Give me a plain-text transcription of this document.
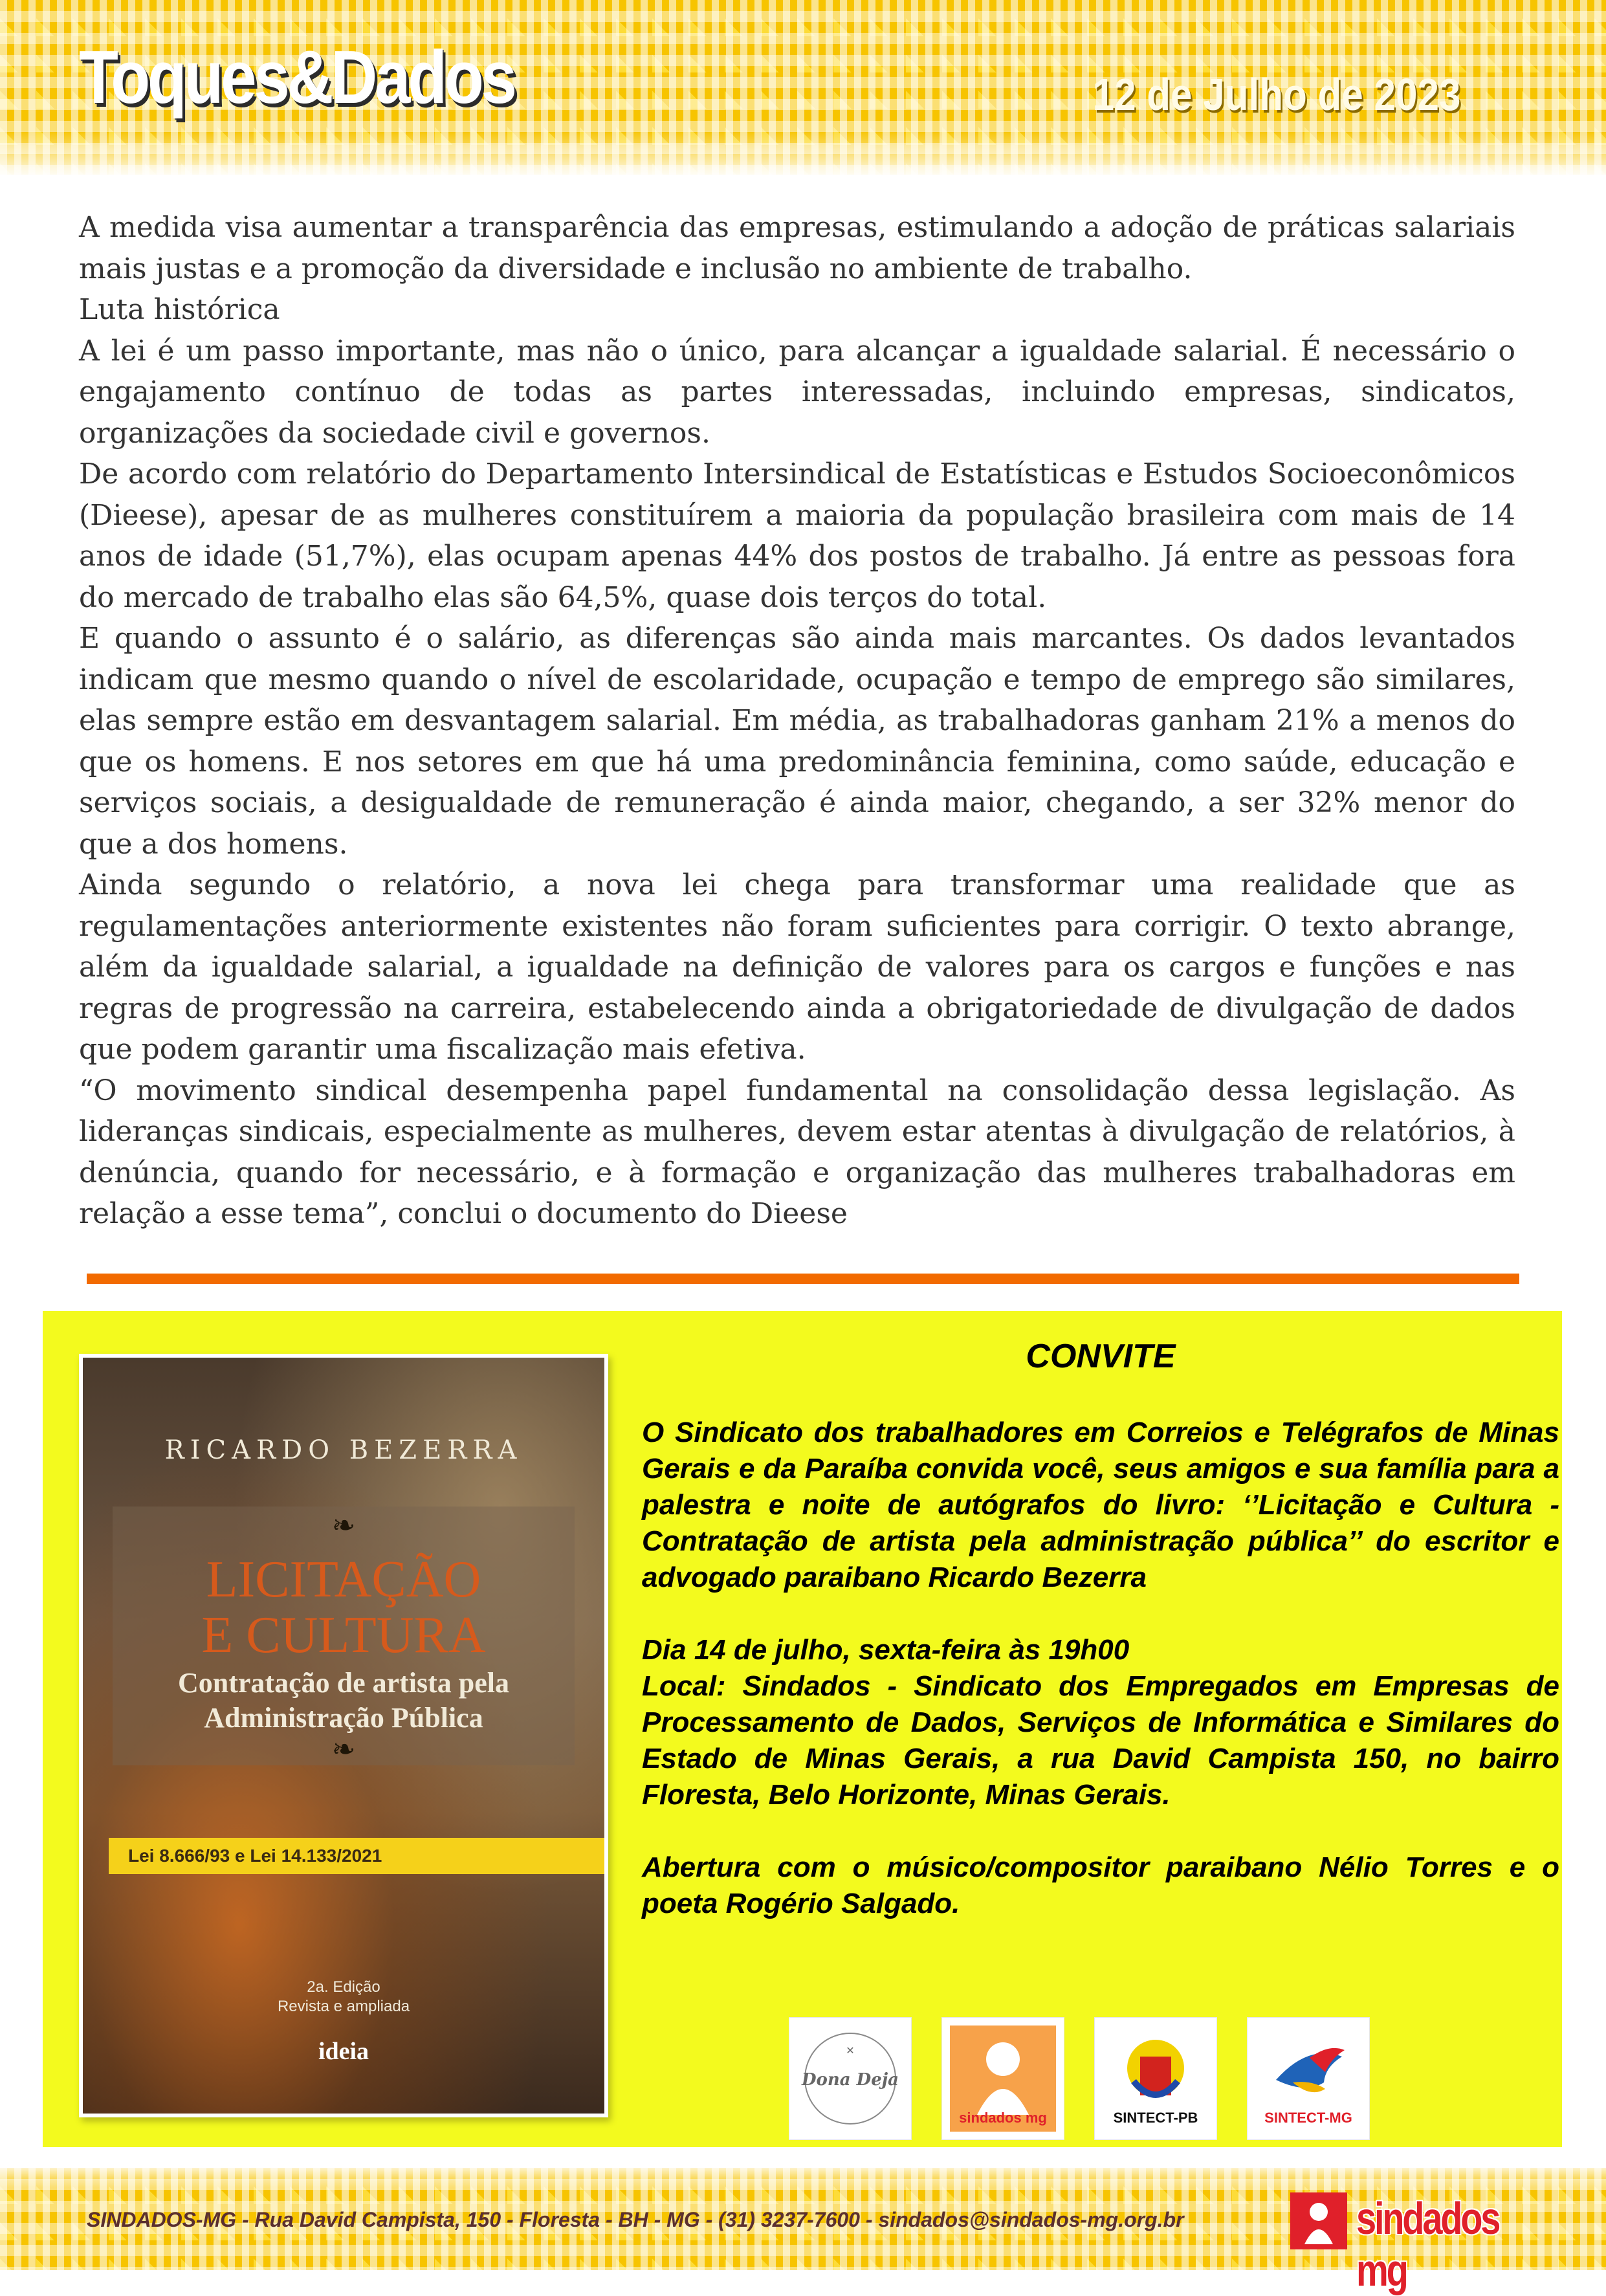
Toques&Dados	12 de Julho de 2023

A medida visa aumentar a transparência das empresas, estimulando a adoção de práticas salariais mais justas e a promoção da diversidade e inclusão no ambiente de trabalho.

Luta histórica

A lei é um passo importante, mas não o único, para alcançar a igualdade salarial. É necessário o engajamento contínuo de todas as partes interessadas, incluindo empresas, sindicatos, organizações da sociedade civil e governos.

De acordo com relatório do Departamento Intersindical de Estatísticas e Estudos Socioeconômicos (Dieese), apesar de as mulheres constituírem a maioria da população brasileira com mais de 14 anos de idade (51,7%), elas ocupam apenas 44% dos postos de trabalho. Já entre as pessoas fora do mercado de trabalho elas são 64,5%, quase dois terços do total.

E quando o assunto é o salário, as diferenças são ainda mais marcantes. Os dados levantados indicam que mesmo quando o nível de escolaridade, ocupação e tempo de emprego são similares, elas sempre estão em desvantagem salarial. Em média, as trabalhadoras ganham 21% a menos do que os homens. E nos setores em que há uma predominância feminina, como saúde, educação e serviços sociais, a desigualdade de remuneração é ainda maior, chegando, a ser 32% menor do que a dos homens.

Ainda segundo o relatório, a nova lei chega para transformar uma realidade que as regulamentações anteriormente existentes não foram suficientes para corrigir. O texto abrange, além da igualdade salarial, a igualdade na definição de valores para os cargos e funções e nas regras de progressão na carreira, estabelecendo ainda a obrigatoriedade de divulgação de dados que podem garantir uma fiscalização mais efetiva.

“O movimento sindical desempenha papel fundamental na consolidação dessa legislação. As lideranças sindicais, especialmente as mulheres, devem estar atentas à divulgação de relatórios, à denúncia, quando for necessário, e à formação e organização das mulheres trabalhadoras em relação a esse tema”, conclui o documento do Dieese

RICARDO BEZERRA
❧
LICITAÇÃO
E CULTURA
Contratação de artista pela
Administração Pública
❧
Lei 8.666/93 e Lei 14.133/2021
2a. Edição
Revista e ampliada
ideia
CONVITE

O Sindicato dos trabalhadores em Correios e Telégrafos de Minas Gerais e da Paraíba convida você, seus amigos e sua família para a palestra e noite de autógrafos do livro: ‘’Licitação e Cultura - Contratação de artista pela administração pública’’ do escritor e advogado paraibano Ricardo Bezerra

Dia 14 de julho, sexta-feira às 19h00

Local: Sindados - Sindicato dos Empregados em Empresas de Processamento de Dados, Serviços de Informática e Similares do Estado de Minas Gerais, a rua David Campista 150, no bairro Floresta, Belo Horizonte, Minas Gerais.

Abertura com o músico/compositor paraibano Nélio Torres e o poeta Rogério Salgado.

Dona Deja
✕
sindados mg	SINTECT-PB	SINTECT-MG
SINDADOS-MG - Rua David Campista, 150 - Floresta - BH - MG - (31) 3237-7600 - sindados@sindados-mg.org.br	sindados mg
